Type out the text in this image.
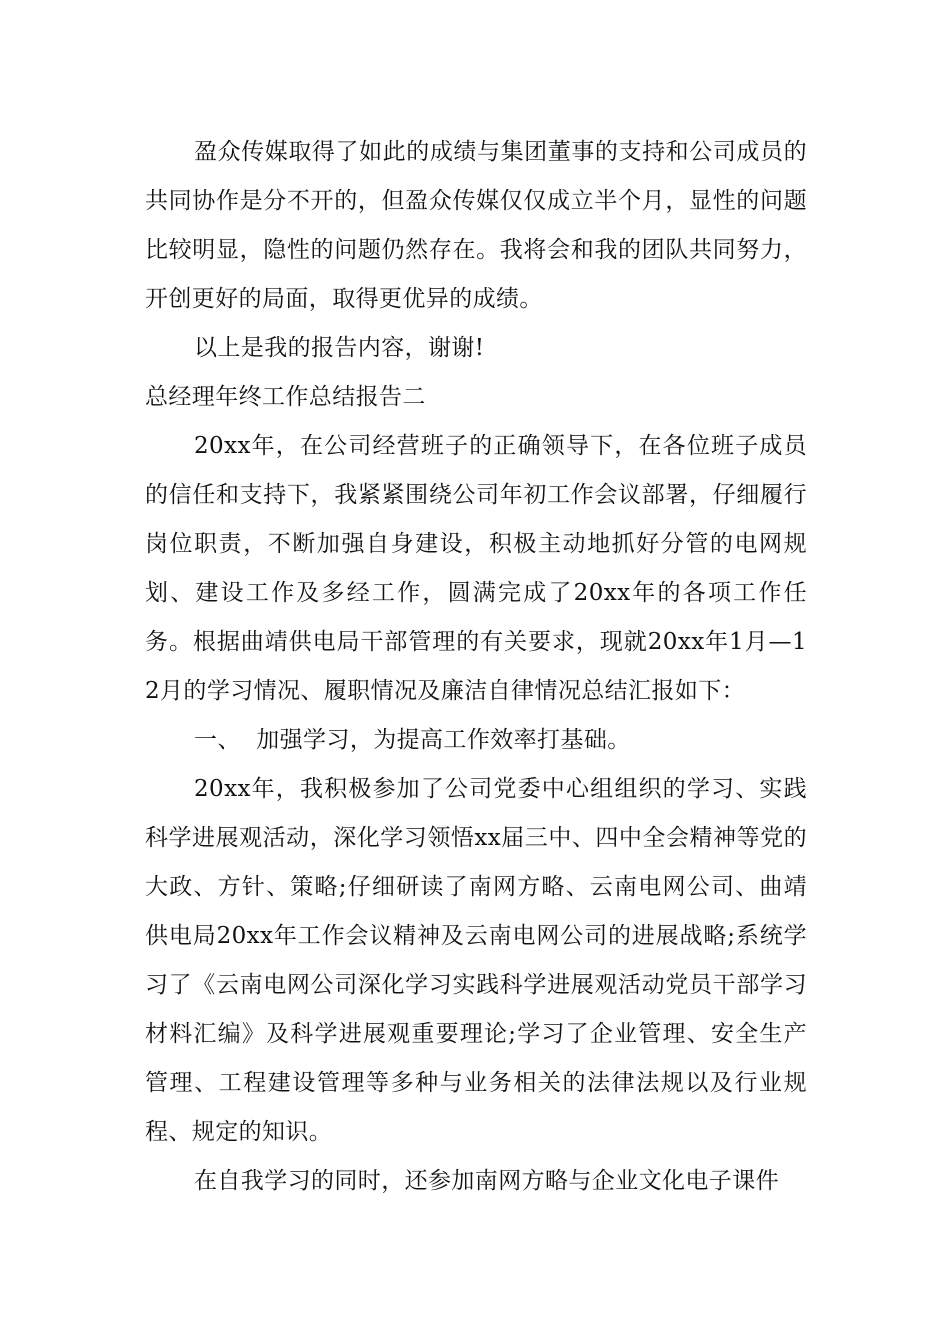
盈众传媒取得了如此的成绩与集团董事的支持和公司成员的共同协作是分不开的，但盈众传媒仅仅成立半个月，显性的问题比较明显，隐性的问题仍然存在。我将会和我的团队共同努力，开创更好的局面，取得更优异的成绩。

以上是我的报告内容，谢谢!

总经理年终工作总结报告二

20xx年，在公司经营班子的正确领导下，在各位班子成员的信任和支持下，我紧紧围绕公司年初工作会议部署，仔细履行岗位职责，不断加强自身建设，积极主动地抓好分管的电网规划、建设工作及多经工作，圆满完成了20xx年的各项工作任务。根据曲靖供电局干部管理的有关要求，现就20xx年1月—12月的学习情况、履职情况及廉洁自律情况总结汇报如下：

一、  加强学习，为提高工作效率打基础。

20xx年，我积极参加了公司党委中心组组织的学习、实践科学进展观活动，深化学习领悟xx届三中、四中全会精神等党的大政、方针、策略;仔细研读了南网方略、云南电网公司、曲靖供电局20xx年工作会议精神及云南电网公司的进展战略;系统学习了《云南电网公司深化学习实践科学进展观活动党员干部学习材料汇编》及科学进展观重要理论;学习了企业管理、安全生产管理、工程建设管理等多种与业务相关的法律法规以及行业规程、规定的知识。

在自我学习的同时，还参加南网方略与企业文化电子课件
